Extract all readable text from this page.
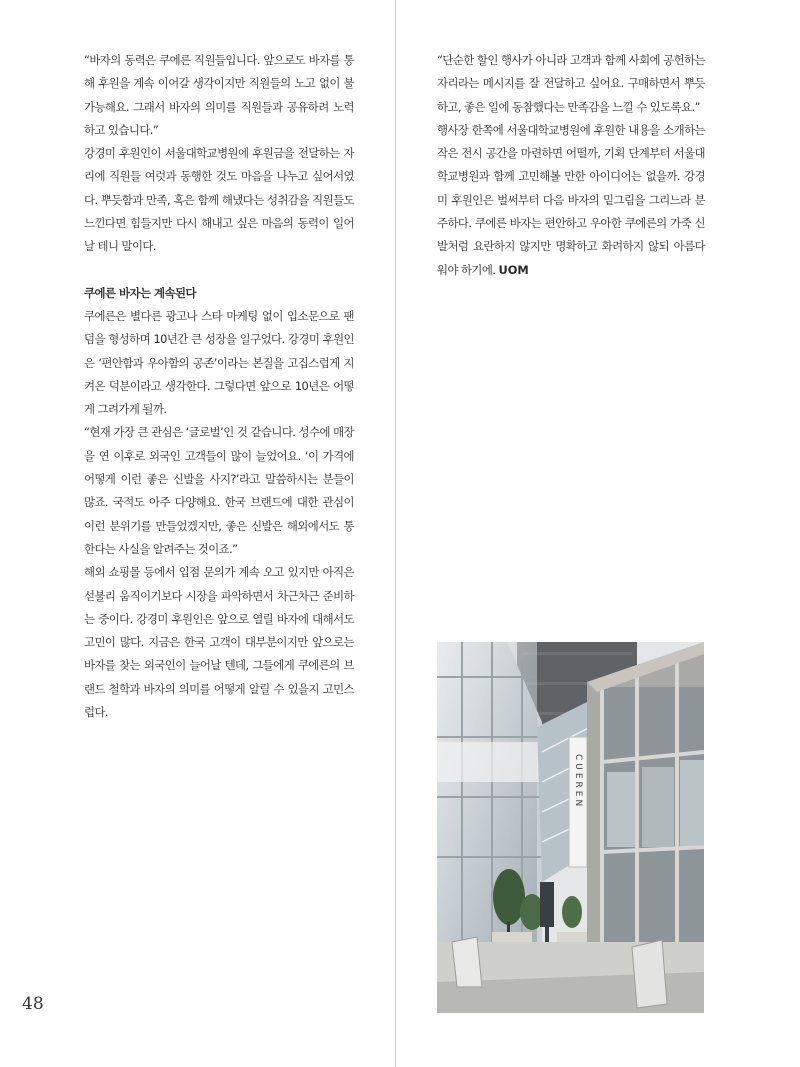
“바자의 동력은 쿠에른 직원들입니다. 앞으로도 바자를 통해 후원을 계속 이어갈 생각이지만 직원들의 노고 없이 불가능해요. 그래서 바자의 의미를 직원들과 공유하려 노력하고 있습니다.”

강경미 후원인이 서울대학교병원에 후원금을 전달하는 자리에 직원들 여럿과 동행한 것도 마음을 나누고 싶어서였다. 뿌듯함과 만족, 혹은 함께 해냈다는 성취감을 직원들도 느낀다면 힘들지만 다시 해내고 싶은 마음의 동력이 일어날 테니 말이다.

쿠에른 바자는 계속된다

쿠에른은 별다른 광고나 스타 마케팅 없이 입소문으로 팬덤을 형성하며 10년간 큰 성장을 일구었다. 강경미 후원인은 ‘편안함과 우아함의 공존’이라는 본질을 고집스럽게 지켜온 덕분이라고 생각한다. 그렇다면 앞으로 10년은 어떻게 그려가게 될까.

“현재 가장 큰 관심은 ‘글로벌’인 것 같습니다. 성수에 매장을 연 이후로 외국인 고객들이 많이 늘었어요. ‘이 가격에 어떻게 이런 좋은 신발을 사지?’라고 말씀하시는 분들이 많죠. 국적도 아주 다양해요. 한국 브랜드에 대한 관심이 이런 분위기를 만들었겠지만, 좋은 신발은 해외에서도 통한다는 사실을 알려주는 것이죠.”

해외 쇼핑몰 등에서 입점 문의가 계속 오고 있지만 아직은 섣불리 움직이기보다 시장을 파악하면서 차근차근 준비하는 중이다. 강경미 후원인은 앞으로 열릴 바자에 대해서도 고민이 많다. 지금은 한국 고객이 대부분이지만 앞으로는 바자를 찾는 외국인이 늘어날 텐데, 그들에게 쿠에른의 브랜드 철학과 바자의 의미를 어떻게 알릴 수 있을지 고민스럽다.

“단순한 할인 행사가 아니라 고객과 함께 사회에 공헌하는 자리라는 메시지를 잘 전달하고 싶어요. 구매하면서 뿌듯하고, 좋은 일에 동참했다는 만족감을 느낄 수 있도록요.”

행사장 한쪽에 서울대학교병원에 후원한 내용을 소개하는 작은 전시 공간을 마련하면 어떨까, 기획 단계부터 서울대학교병원과 함께 고민해볼 만한 아이디어는 없을까. 강경미 후원인은 벌써부터 다음 바자의 밑그림을 그리느라 분주하다. 쿠에른 바자는 편안하고 우아한 쿠에른의 가죽 신발처럼 요란하지 않지만 명확하고 화려하지 않되 아름다워야 하기에. UOM

CUEREN
48
